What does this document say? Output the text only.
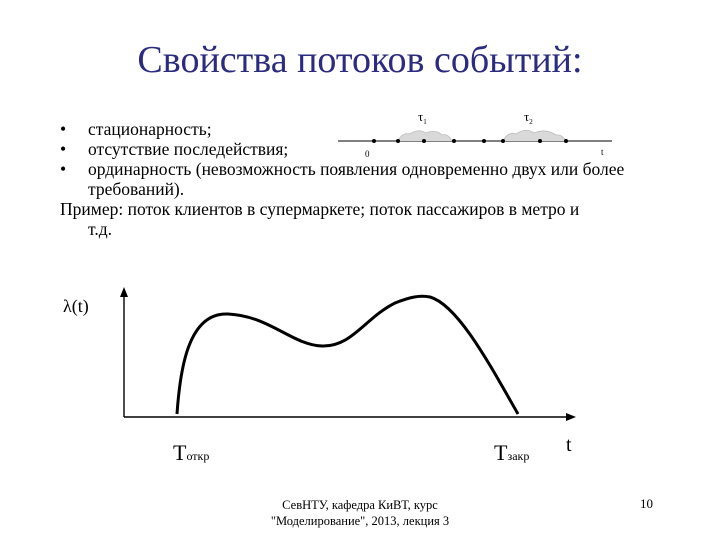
Свойства потоков событий:
•	стационарность;
•	отсутствие последействия;
•	ординарность (невозможность появления одновременно двух или более требований).
Пример: поток клиентов в супермаркете; поток пассажиров в метро и
т.д.
$\tau_1$	$\tau_2$
0	t
λ(t)
Tоткр	Tзакр t
СевНТУ, кафедра КиВТ, курс
"Моделирование", 2013, лекция 3
10
